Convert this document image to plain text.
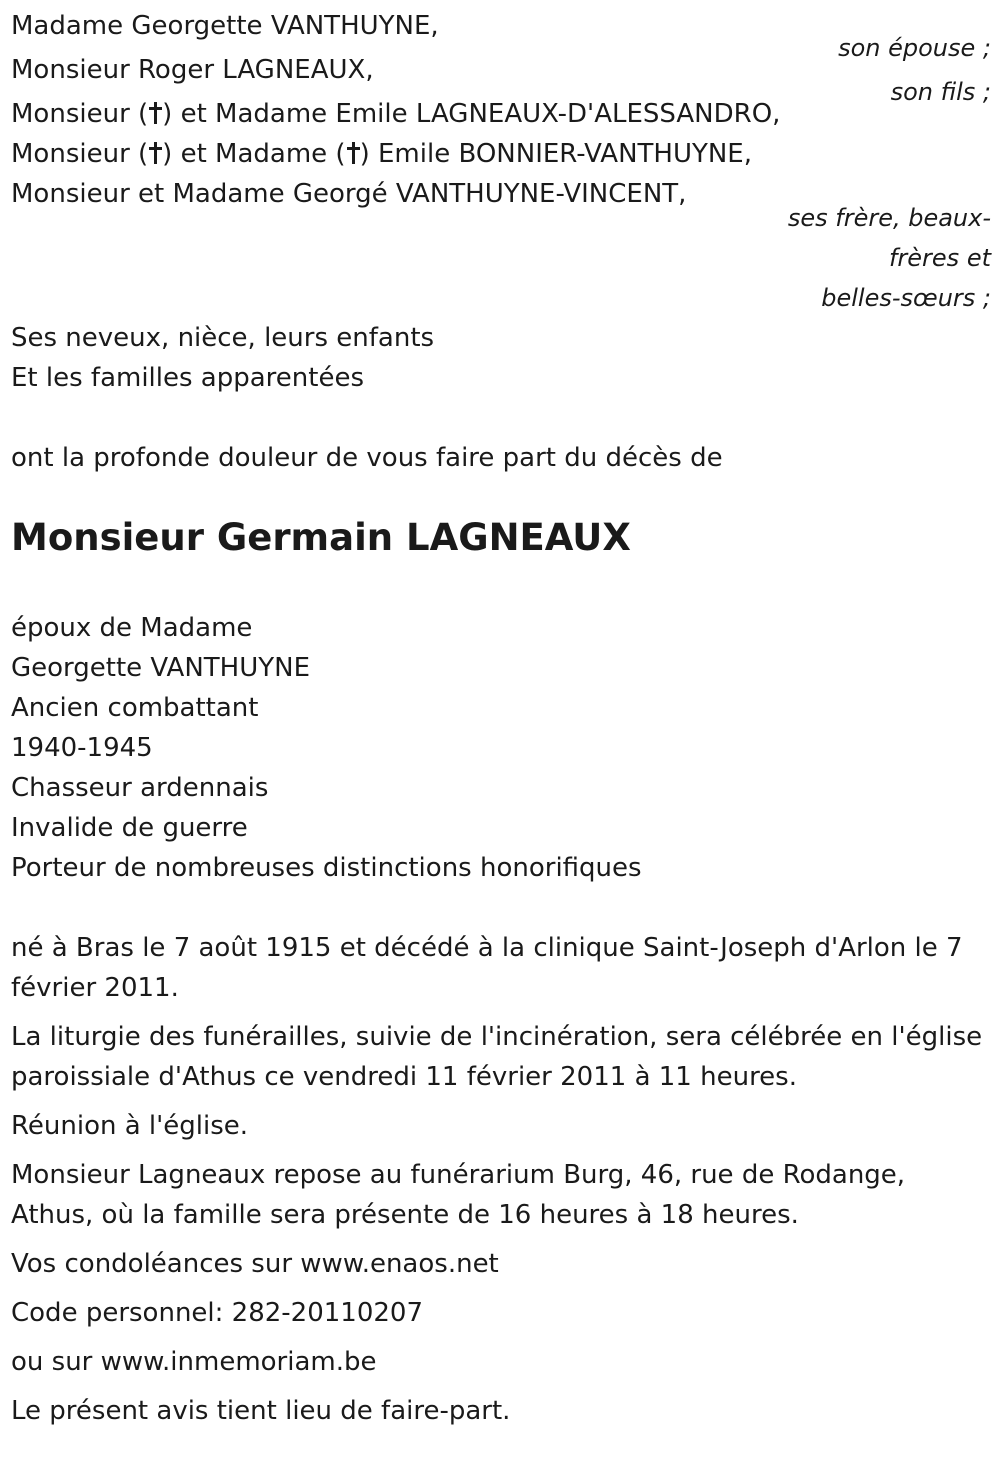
Madame Georgette VANTHUYNE,
son épouse ;
Monsieur Roger LAGNEAUX,
son fils ;
Monsieur ( ) et Madame Emile LAGNEAUX-D'ALESSANDRO,
Monsieur ( ) et Madame ( ) Emile BONNIER-VANTHUYNE,
Monsieur et Madame Georgé VANTHUYNE-VINCENT,
ses frère, beaux-
frères et
belles-sœurs ;
Ses neveux, nièce, leurs enfants
Et les familles apparentées
ont la profonde douleur de vous faire part du décès de
Monsieur Germain LAGNEAUX
époux de Madame
Georgette VANTHUYNE
Ancien combattant
1940-1945
Chasseur ardennais
Invalide de guerre
Porteur de nombreuses distinctions honorifiques
né à Bras le 7 août 1915 et décédé à la clinique Saint-Joseph d'Arlon le 7 février 2011.
La liturgie des funérailles, suivie de l'incinération, sera célébrée en l'église paroissiale d'Athus ce vendredi 11 février 2011 à 11 heures.
Réunion à l'église.
Monsieur Lagneaux repose au funérarium Burg, 46, rue de Rodange, Athus, où la famille sera présente de 16 heures à 18 heures.
Vos condoléances sur www.enaos.net
Code personnel: 282-20110207
ou sur www.inmemoriam.be
Le présent avis tient lieu de faire-part.
